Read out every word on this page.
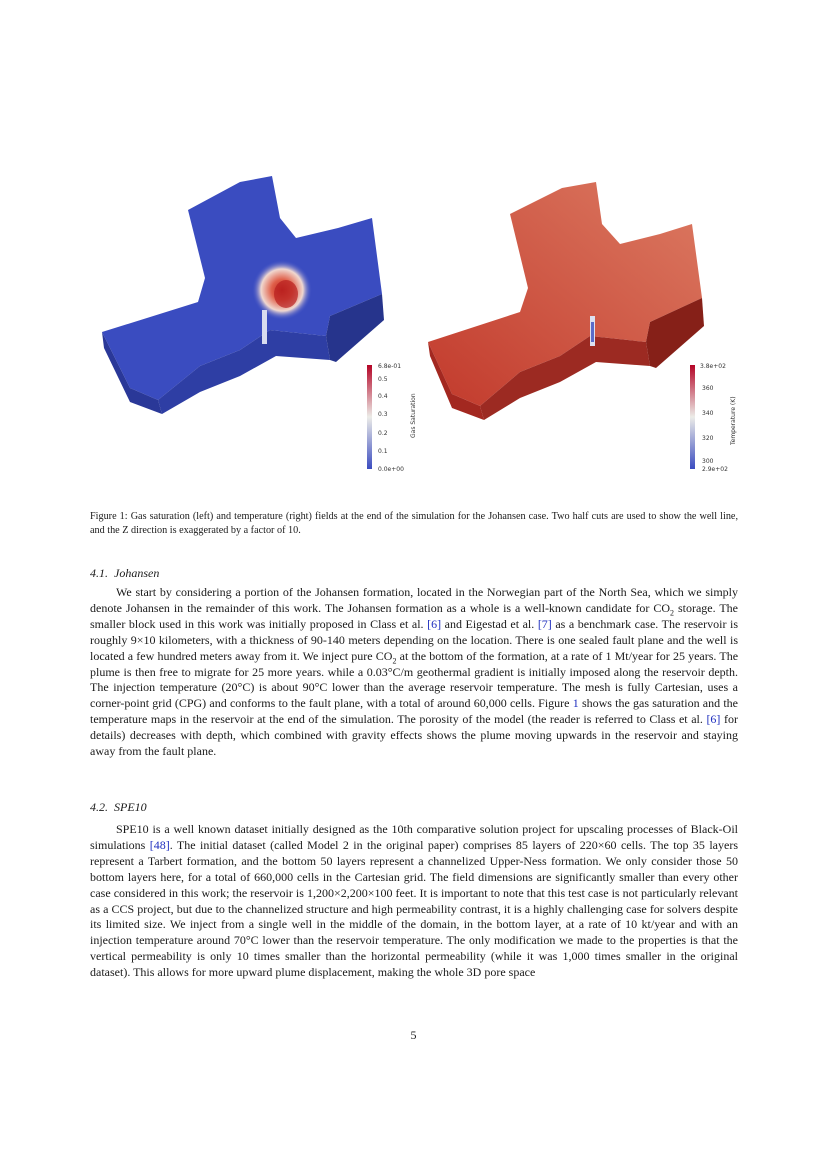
6.8e-01
0.5
0.4
0.3
0.2
0.1
0.0e+00
Gas Saturation
3.8e+02
360
340
320
300
2.9e+02
Temperature (K)
Figure 1: Gas saturation (left) and temperature (right) fields at the end of the simulation for the Johansen case. Two half cuts are used to show the well line, and the Z direction is exaggerated by a factor of 10.
4.1. Johansen

We start by considering a portion of the Johansen formation, located in the Norwegian part of the North Sea, which we simply denote Johansen in the remainder of this work. The Johansen formation as a whole is a well-known candidate for $CO_2$ storage. The smaller block used in this work was initially proposed in Class et al. [6] and Eigestad et al. [7] as a benchmark case. The reservoir is roughly 9×10 kilometers, with a thickness of 90-140 meters depending on the location. There is one sealed fault plane and the well is located a few hundred meters away from it. We inject pure $CO_2$ at the bottom of the formation, at a rate of 1 Mt/year for 25 years. The plume is then free to migrate for 25 more years. while a 0.03°C/m geothermal gradient is initially imposed along the reservoir depth. The injection temperature (20°C) is about 90°C lower than the average reservoir temperature. The mesh is fully Cartesian, uses a corner-point grid (CPG) and conforms to the fault plane, with a total of around 60,000 cells. Figure 1 shows the gas saturation and the temperature maps in the reservoir at the end of the simulation. The porosity of the model (the reader is referred to Class et al. [6] for details) decreases with depth, which combined with gravity effects shows the plume moving upwards in the reservoir and staying away from the fault plane.

4.2. SPE10

SPE10 is a well known dataset initially designed as the 10th comparative solution project for upscaling processes of Black-Oil simulations [48]. The initial dataset (called Model 2 in the original paper) comprises 85 layers of 220×60 cells. The top 35 layers represent a Tarbert formation, and the bottom 50 layers represent a channelized Upper-Ness formation. We only consider those 50 bottom layers here, for a total of 660,000 cells in the Cartesian grid. The field dimensions are significantly smaller than every other case considered in this work; the reservoir is 1,200×2,200×100 feet. It is important to note that this test case is not particularly relevant as a CCS project, but due to the channelized structure and high permeability contrast, it is a highly challenging case for solvers despite its limited size. We inject from a single well in the middle of the domain, in the bottom layer, at a rate of 10 kt/year and with an injection temperature around 70°C lower than the reservoir temperature. The only modification we made to the properties is that the vertical permeability is only 10 times smaller than the horizontal permeability (while it was 1,000 times smaller in the original dataset). This allows for more upward plume displacement, making the whole 3D pore space

5
